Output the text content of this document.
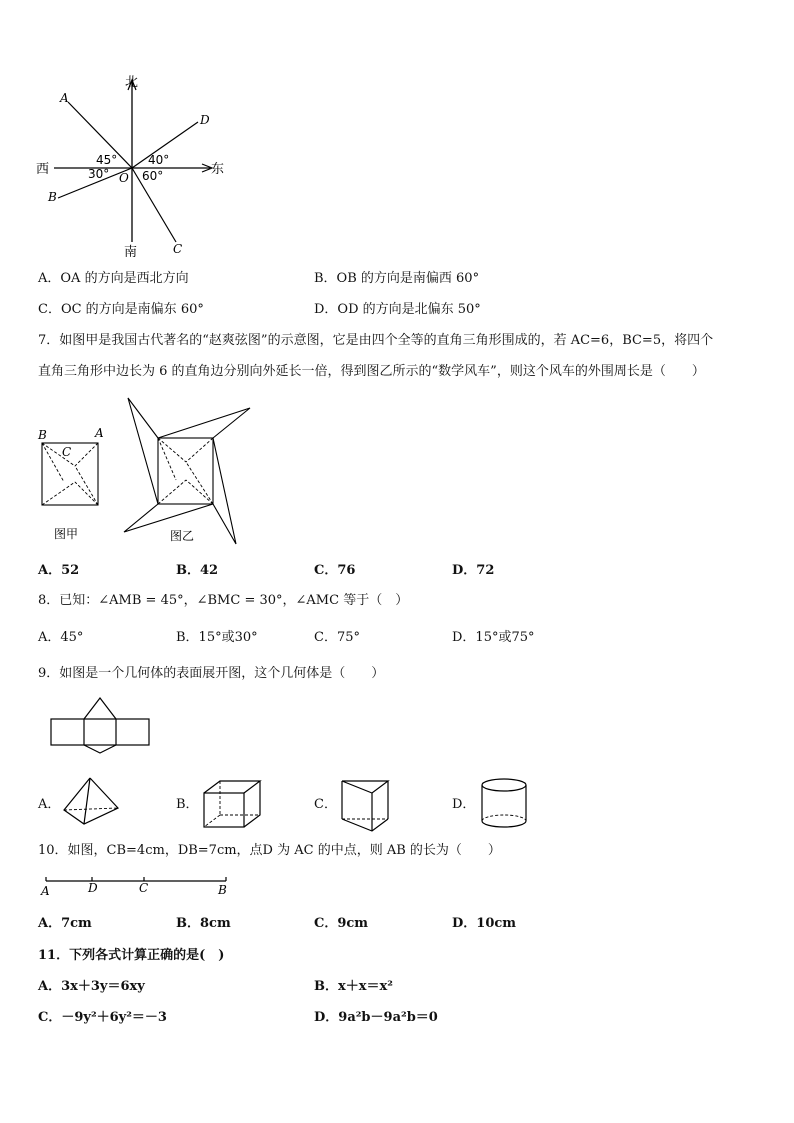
北
南
西	东
A
B
C
D
O
45°	40°
30°	60°
A．OA 的方向是西北方向	B．OB 的方向是南偏西 60°
C．OC 的方向是南偏东 60°	D．OD 的方向是北偏东 50°
7．如图甲是我国古代著名的“赵爽弦图”的示意图，它是由四个全等的直角三角形围成的，若 AC=6，BC=5，将四个
直角三角形中边长为 6 的直角边分别向外延长一倍，得到图乙所示的“数学风车”，则这个风车的外围周长是（　　）
B	A
C
图甲	图乙
A．52	B．42	C．76	D．72
8．已知：∠AMB = 45°，∠BMC = 30°，∠AMC 等于（　）
A．45°	B．15°或30°	C．75°	D．15°或75°
9．如图是一个几何体的表面展开图，这个几何体是（　　）
A．	B．	C．	D．
10．如图，CB=4cm，DB=7cm，点D 为 AC 的中点，则 AB 的长为（　　）
A	D	C	B
A．7cm	B．8cm	C．9cm	D．10cm
11．下列各式计算正确的是(　)
A．3x＋3y＝6xy	B．x＋x＝x²
C．－9y²＋6y²＝－3	D．9a²b－9a²b＝0
